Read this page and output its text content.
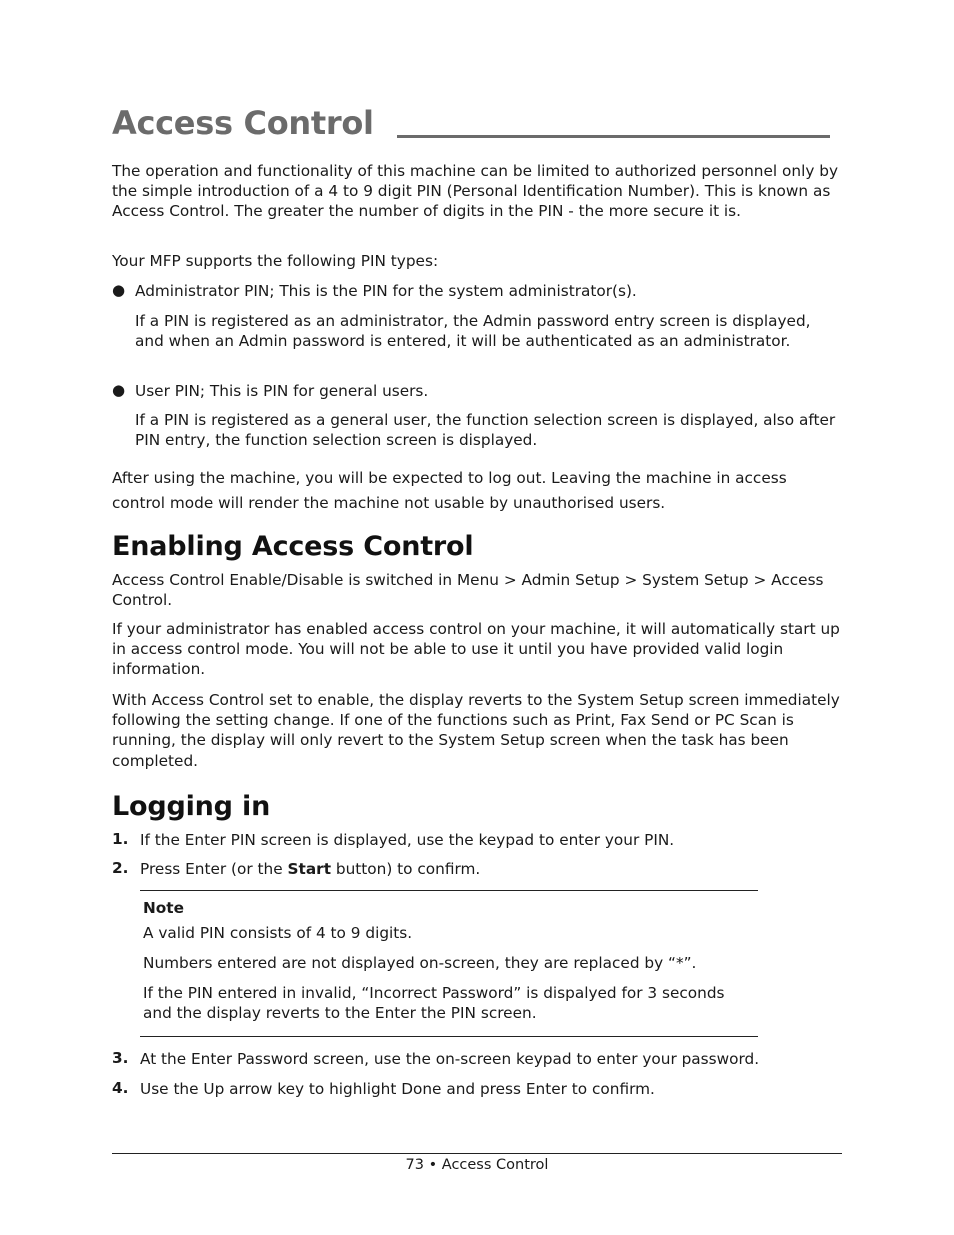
Access Control

The operation and functionality of this machine can be limited to authorized personnel only by the simple introduction of a 4 to 9 digit PIN (Personal Identification Number). This is known as Access Control. The greater the number of digits in the PIN - the more secure it is.

Your MFP supports the following PIN types:

● Administrator PIN; This is the PIN for the system administrator(s).

If a PIN is registered as an administrator, the Admin password entry screen is displayed, and when an Admin password is entered, it will be authenticated as an administrator.

● User PIN; This is PIN for general users.

If a PIN is registered as a general user, the function selection screen is displayed, also after PIN entry, the function selection screen is displayed.

After using the machine, you will be expected to log out. Leaving the machine in access control mode will render the machine not usable by unauthorised users.

Enabling Access Control

Access Control Enable/Disable is switched in Menu > Admin Setup > System Setup > Access Control.

If your administrator has enabled access control on your machine, it will automatically start up in access control mode. You will not be able to use it until you have provided valid login information.

With Access Control set to enable, the display reverts to the System Setup screen immediately following the setting change. If one of the functions such as Print, Fax Send or PC Scan is running, the display will only revert to the System Setup screen when the task has been completed.

Logging in
1. If the Enter PIN screen is displayed, use the keypad to enter your PIN.

2. Press Enter (or the Start button) to confirm.

Note

A valid PIN consists of 4 to 9 digits.

Numbers entered are not displayed on-screen, they are replaced by “*”.

If the PIN entered in invalid, “Incorrect Password” is dispalyed for 3 seconds and the display reverts to the Enter the PIN screen.

3. At the Enter Password screen, use the on-screen keypad to enter your password.

4. Use the Up arrow key to highlight Done and press Enter to confirm.

73 • Access Control
